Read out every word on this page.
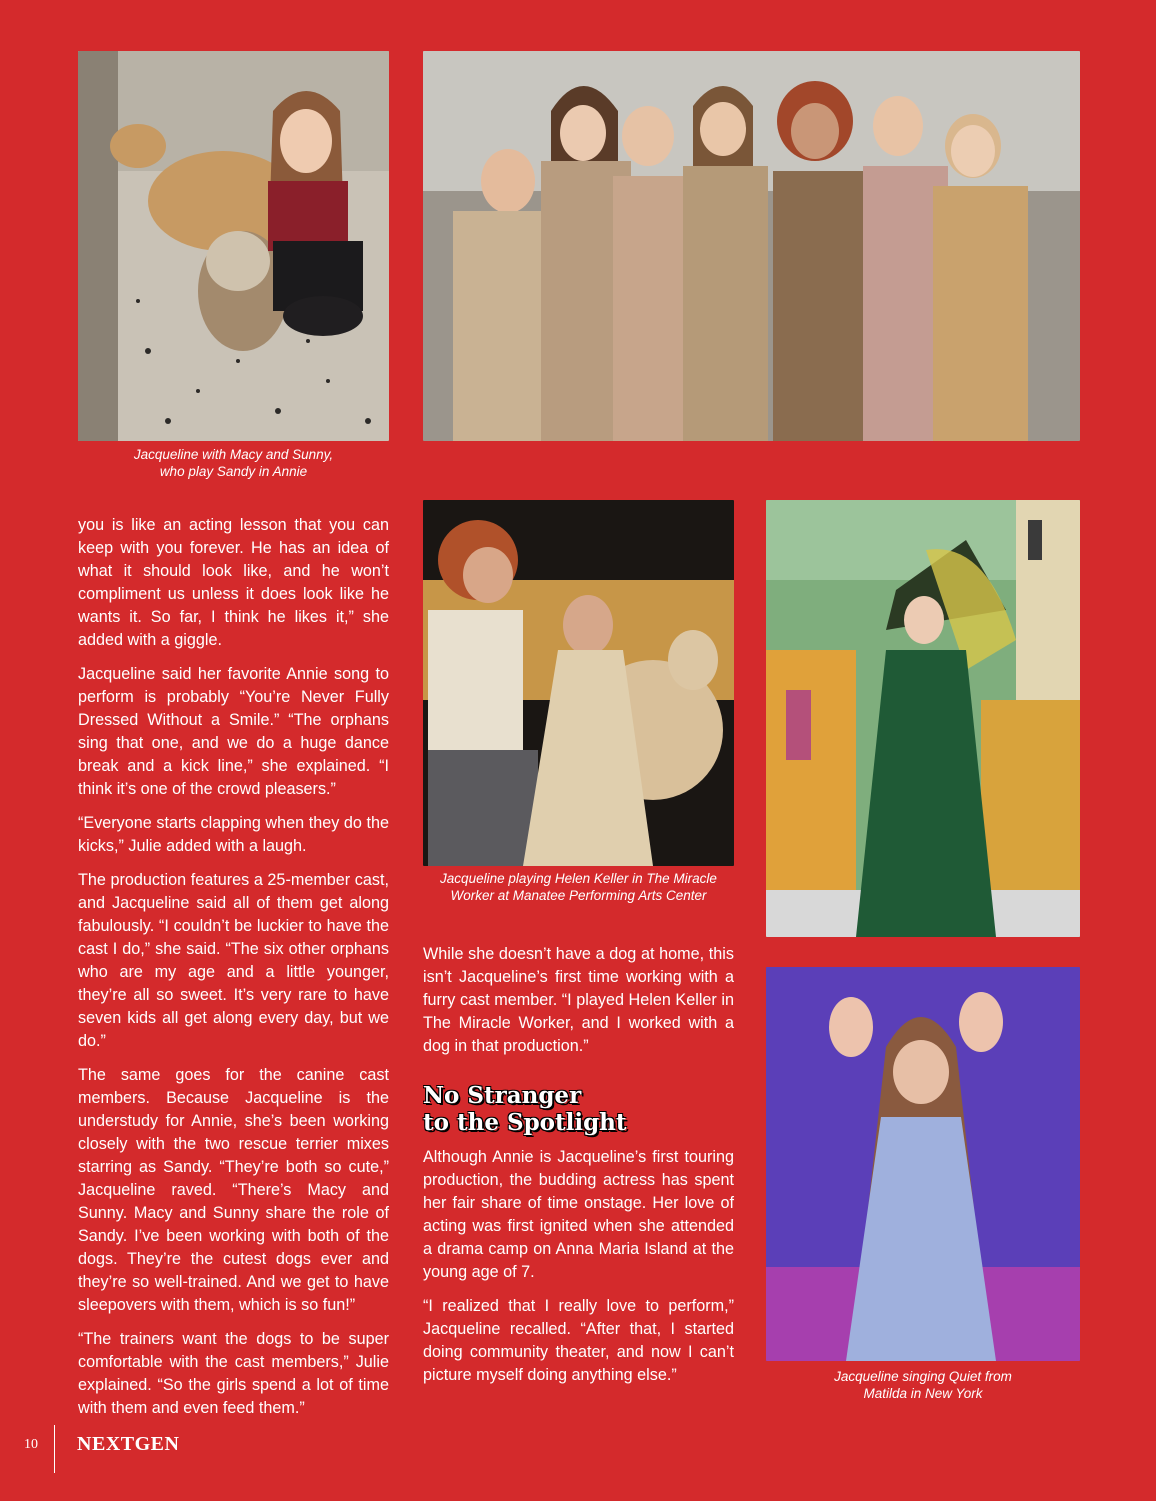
Jacqueline with Macy and Sunny,
who play Sandy in Annie

you is like an acting lesson that you can keep with you forever. He has an idea of what it should look like, and he won’t compliment us unless it does look like he wants it. So far, I think he likes it,” she added with a giggle.

Jacqueline said her favorite Annie song to perform is probably “You’re Never Fully Dressed Without a Smile.” “The orphans sing that one, and we do a huge dance break and a kick line,” she explained. “I think it’s one of the crowd pleasers.”

“Everyone starts clapping when they do the kicks,” Julie added with a laugh.

The production features a 25-member cast, and Jacqueline said all of them get along fabulously. “I couldn’t be luckier to have the cast I do,” she said. “The six other orphans who are my age and a little younger, they’re all so sweet. It’s very rare to have seven kids all get along every day, but we do.”

The same goes for the canine cast members. Because Jacqueline is the understudy for Annie, she’s been working closely with the two rescue terrier mixes starring as Sandy. “They’re both so cute,” Jacqueline raved. “There’s Macy and Sunny. Macy and Sunny share the role of Sandy. I’ve been working with both of the dogs. They’re the cutest dogs ever and they’re so well-trained. And we get to have sleepovers with them, which is so fun!”

“The trainers want the dogs to be super comfortable with the cast members,” Julie explained. “So the girls spend a lot of time with them and even feed them.”

Jacqueline playing Helen Keller in The Miracle
Worker at Manatee Performing Arts Center

While she doesn’t have a dog at home, this isn’t Jacqueline’s first time working with a furry cast member. “I played Helen Keller in The Miracle Worker, and I worked with a dog in that production.”

No Stranger
to the Spotlight

Although Annie is Jacqueline’s first touring production, the budding actress has spent her fair share of time onstage. Her love of acting was first ignited when she attended a drama camp on Anna Maria Island at the young age of 7.

“I realized that I really love to perform,” Jacqueline recalled. “After that, I started doing community theater, and now I can’t picture myself doing anything else.”	Jacqueline singing Quiet from
Matilda in New York
10 NEXTGEN
